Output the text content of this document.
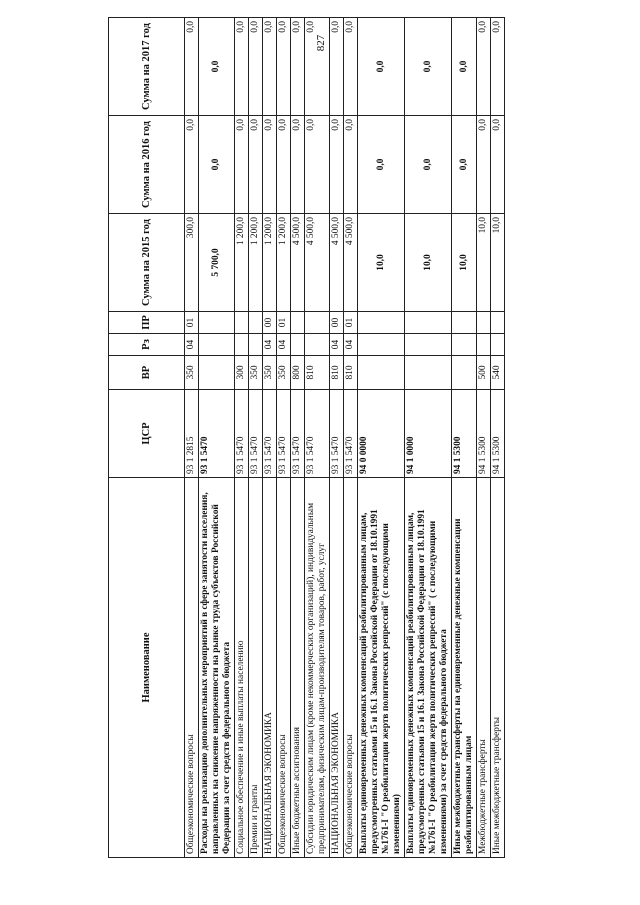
827
Наименование	ЦСР	ВР	Рз	ПР	Сумма на 2015 год	Сумма на 2016 год	Сумма на 2017 год
Общеэкономические вопросы	93 1 2815	350	04	01	300,0	0,0	0,0
Расходы на реализацию дополнительных мероприятий в сфере занятости населения, направленных на снижение напряженности на рынке труда субъектов Российской Федерации за счет средств федерального бюджета	93 1 5470				5 700,0	0,0	0,0
Социальное обеспечение и иные выплаты населению	93 1 5470	300			1 200,0	0,0	0,0
Премии и гранты	93 1 5470	350			1 200,0	0,0	0,0
НАЦИОНАЛЬНАЯ ЭКОНОМИКА	93 1 5470	350	04	00	1 200,0	0,0	0,0
Общеэкономические вопросы	93 1 5470	350	04	01	1 200,0	0,0	0,0
Иные бюджетные ассигнования	93 1 5470	800			4 500,0	0,0	0,0
Субсидии юридическим лицам (кроме некоммерческих организаций), индивидуальным предпринимателям, физическим лицам-производителям товаров, работ, услуг	93 1 5470	810			4 500,0	0,0	0,0
НАЦИОНАЛЬНАЯ ЭКОНОМИКА	93 1 5470	810	04	00	4 500,0	0,0	0,0
Общеэкономические вопросы	93 1 5470	810	04	01	4 500,0	0,0	0,0
Выплаты единовременных денежных компенсаций реабилитированным лицам, предусмотренных статьями 15 и 16.1 Закона Российской Федерации от 18.10.1991 №1761-I "О реабилитации жертв политических репрессий" (с последующими изменениями)	94 0 0000				10,0	0,0	0,0
Выплаты единовременных денежных компенсаций реабилитированным лицам, предусмотренных статьями 15 и 16.1 Закона Российской Федерации от 18.10.1991 №1761-I "О реабилитации жертв политических репрессий" ( с последующими изменениями) за счет средств федерального бюджета	94 1 0000				10,0	0,0	0,0
Иные межбюджетные трансферты на единовременные денежные компенсации реабилитированным лицам	94 1 5300				10,0	0,0	0,0
Межбюджетные трансферты	94 1 5300	500			10,0	0,0	0,0
Иные межбюджетные трансферты	94 1 5300	540			10,0	0,0	0,0
